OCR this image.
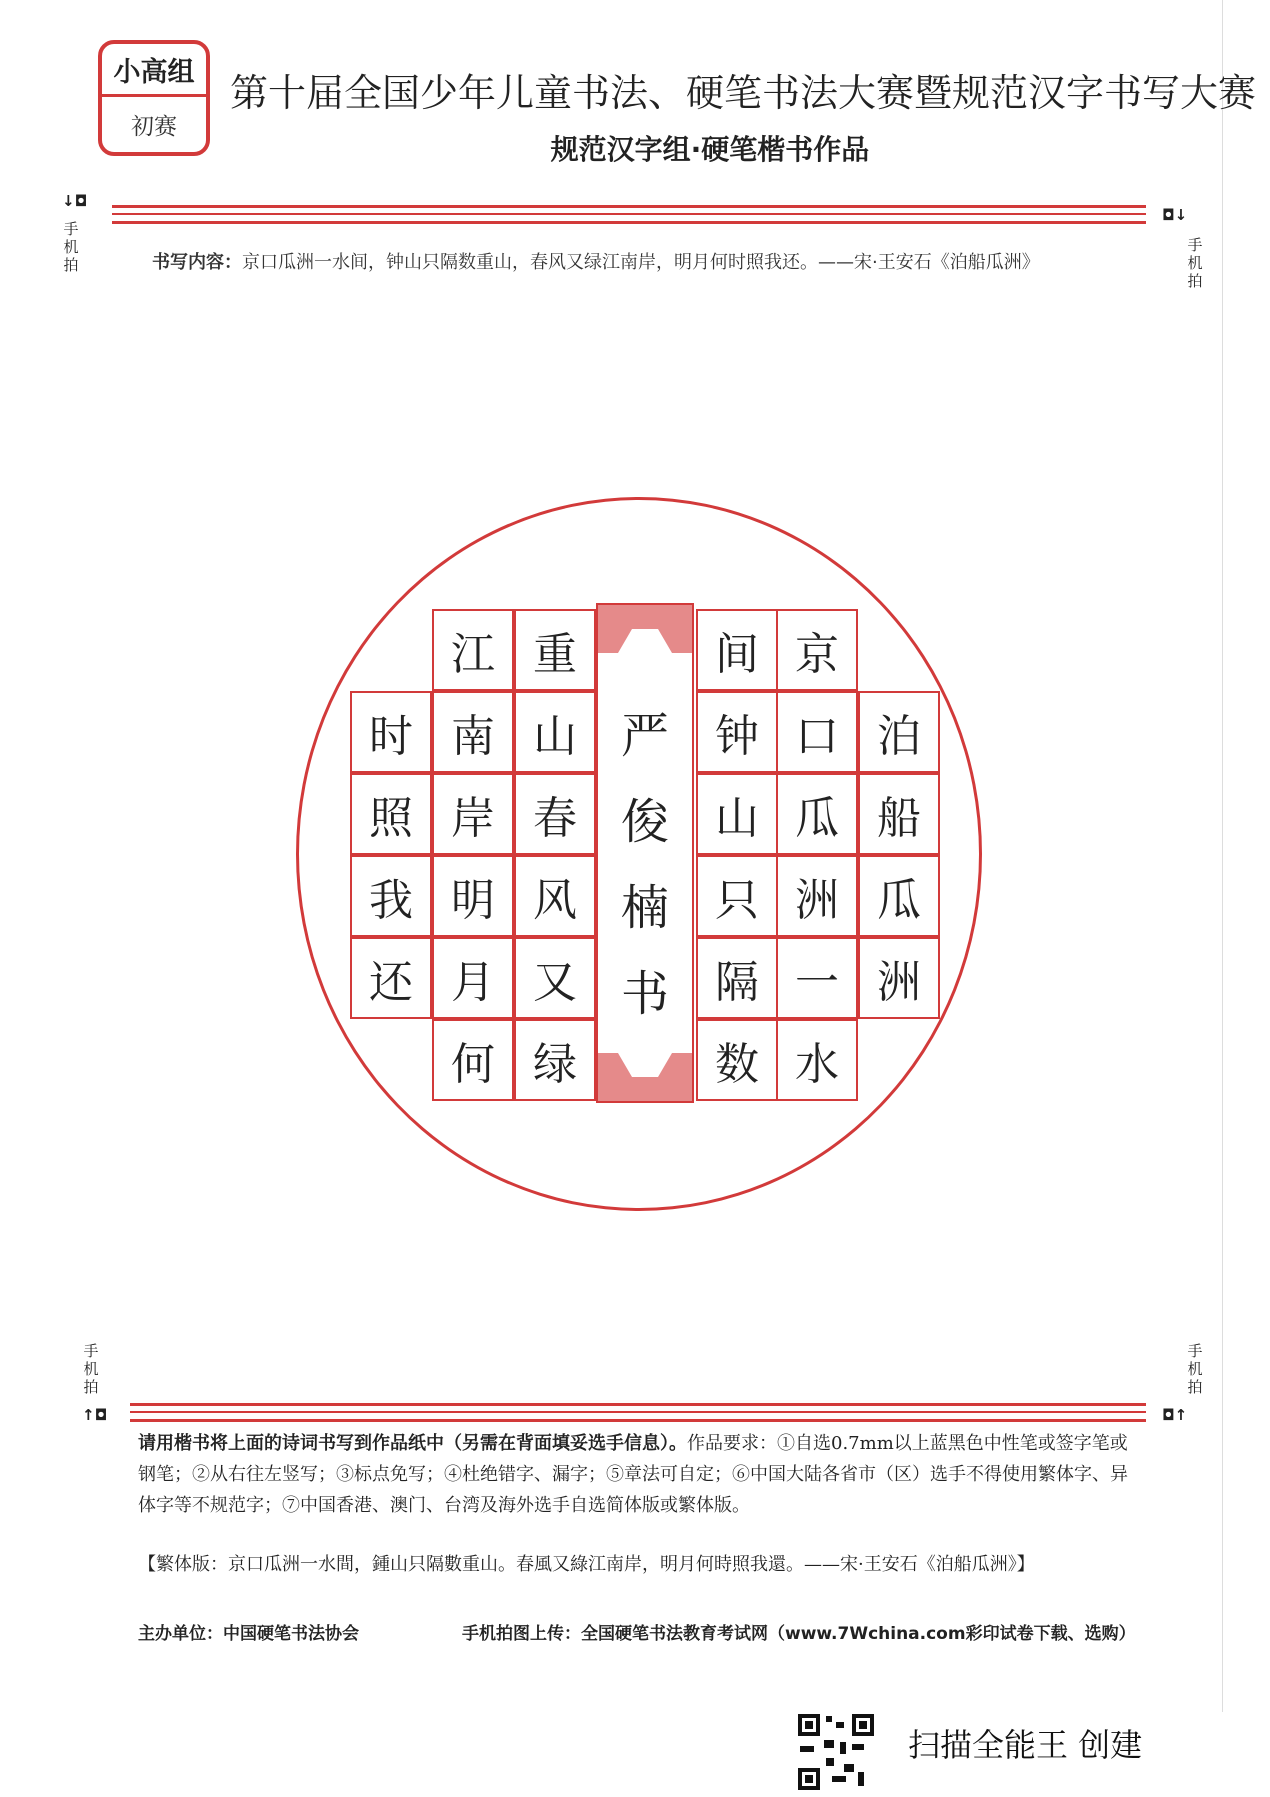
小高组
初赛
第十届全国少年儿童书法、硬笔书法大赛暨规范汉字书写大赛
规范汉字组·硬笔楷书作品
↓◘
手机拍
◘↓
手机拍
书写内容：京口瓜洲一水间，钟山只隔数重山，春风又绿江南岸，明月何时照我还。——宋·王安石《泊船瓜洲》
严
俊
楠
书
泊
船
瓜
洲
京
口
瓜
洲
一
水
间
钟
山
只
隔
数
重
山
春
风
又
绿
江
南
岸
明
月
何
时
照
我
还
手机拍
↑◘
手机拍
◘↑
请用楷书将上面的诗词书写到作品纸中（另需在背面填妥选手信息）。作品要求：①自选0.7mm以上蓝黑色中性笔或签字笔或钢笔；②从右往左竖写；③标点免写；④杜绝错字、漏字；⑤章法可自定；⑥中国大陆各省市（区）选手不得使用繁体字、异体字等不规范字；⑦中国香港、澳门、台湾及海外选手自选简体版或繁体版。
【繁体版：京口瓜洲一水間，鍾山只隔數重山。春風又綠江南岸，明月何時照我還。——宋·王安石《泊船瓜洲》】
主办单位：中国硬笔书法协会	手机拍图上传：全国硬笔书法教育考试网（www.7Wchina.com彩印试卷下载、选购）
扫描全能王 创建
